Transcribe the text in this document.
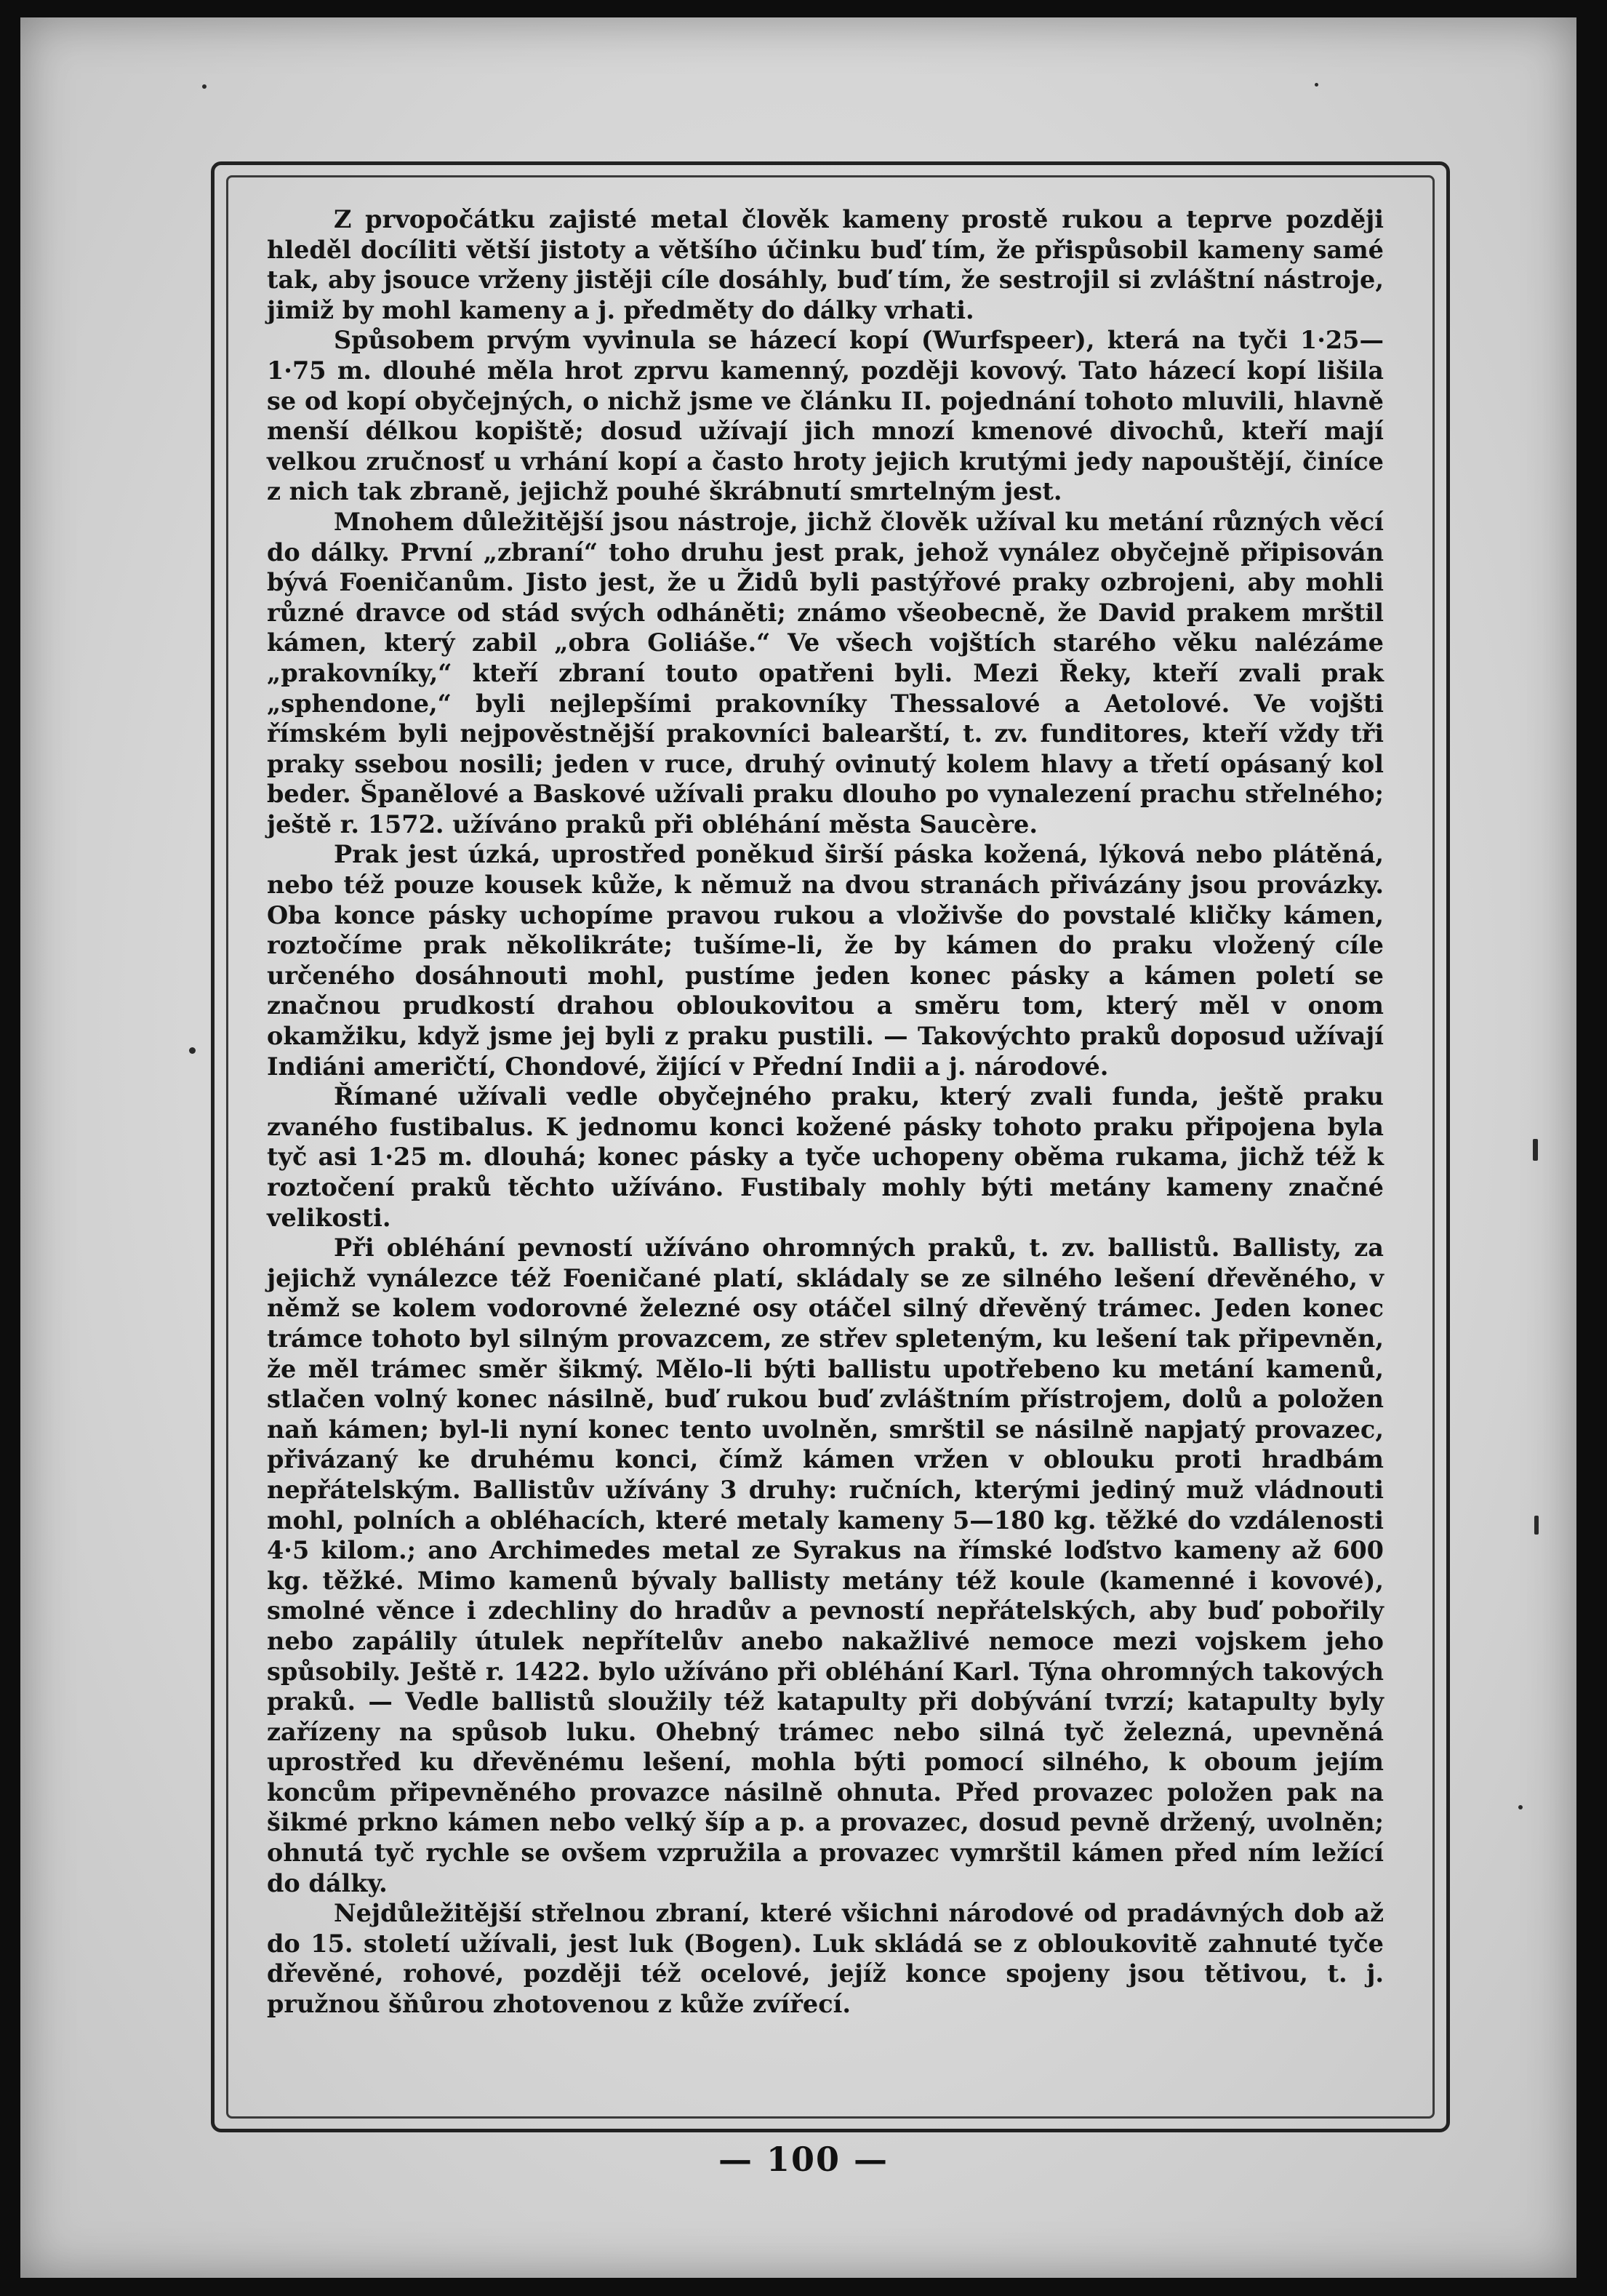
Z prvopočátku zajisté metal člověk kameny prostě rukou a teprve později hleděl docíliti větší jistoty a většího účinku buď tím, že přispůsobil kameny samé tak, aby jsouce vrženy jistěji cíle dosáhly, buď tím, že sestrojil si zvláštní nástroje, jimiž by mohl kameny a j. předměty do dálky vrhati.

Spůsobem prvým vyvinula se házecí kopí (Wurfspeer), která na tyči 1·25—1·75 m. dlouhé měla hrot zprvu kamenný, později kovový. Tato házecí kopí lišila se od kopí obyčejných, o nichž jsme ve článku II. pojednání tohoto mluvili, hlavně menší délkou kopiště; dosud užívají jich mnozí kmenové divochů, kteří mají velkou zručnosť u vrhání kopí a často hroty jejich krutými jedy napouštějí, činíce z nich tak zbraně, jejichž pouhé škrábnutí smrtelným jest.

Mnohem důležitější jsou nástroje, jichž člověk užíval ku metání různých věcí do dálky. První „zbraní“ toho druhu jest prak, jehož vynález obyčejně připisován bývá Foeničanům. Jisto jest, že u Židů byli pastýřové praky ozbrojeni, aby mohli různé dravce od stád svých odháněti; známo všeobecně, že David prakem mrštil kámen, který zabil „obra Goliáše.“ Ve všech vojštích starého věku nalézáme „prakovníky,“ kteří zbraní touto opatřeni byli. Mezi Řeky, kteří zvali prak „sphendone,“ byli nejlepšími prakovníky Thessalové a Aetolové. Ve vojšti římském byli nejpověstnější prakovníci balearští, t. zv. funditores, kteří vždy tři praky ssebou nosili; jeden v ruce, druhý ovinutý kolem hlavy a třetí opásaný kol beder. Španělové a Baskové užívali praku dlouho po vynalezení prachu střelného; ještě r. 1572. užíváno praků při obléhání města Saucère.

Prak jest úzká, uprostřed poněkud širší páska kožená, lýková nebo plátěná, nebo též pouze kousek kůže, k němuž na dvou stranách přivázány jsou provázky. Oba konce pásky uchopíme pravou rukou a vloživše do povstalé kličky kámen, roztočíme prak několikráte; tušíme-li, že by kámen do praku vložený cíle určeného dosáhnouti mohl, pustíme jeden konec pásky a kámen poletí se značnou prudkostí drahou obloukovitou a směru tom, který měl v onom okamžiku, když jsme jej byli z praku pustili. — Takovýchto praků doposud užívají Indiáni američtí, Chondové, žijící v Přední Indii a j. národové.

Římané užívali vedle obyčejného praku, který zvali funda, ještě praku zvaného fustibalus. K jednomu konci kožené pásky tohoto praku připojena byla tyč asi 1·25 m. dlouhá; konec pásky a tyče uchopeny oběma rukama, jichž též k roztočení praků těchto užíváno. Fustibaly mohly býti metány kameny značné velikosti.

Při obléhání pevností užíváno ohromných praků, t. zv. ballistů. Ballisty, za jejichž vynálezce též Foeničané platí, skládaly se ze silného lešení dřevěného, v němž se kolem vodorovné železné osy otáčel silný dřevěný trámec. Jeden konec trámce tohoto byl silným provazcem, ze střev spleteným, ku lešení tak připevněn, že měl trámec směr šikmý. Mělo-li býti ballistu upotřebeno ku metání kamenů, stlačen volný konec násilně, buď rukou buď zvláštním přístrojem, dolů a položen naň kámen; byl-li nyní konec tento uvolněn, smrštil se násilně napjatý provazec, přivázaný ke druhému konci, čímž kámen vržen v oblouku proti hradbám nepřátelským. Ballistův užívány 3 druhy: ručních, kterými jediný muž vládnouti mohl, polních a obléhacích, které metaly kameny 5—180 kg. těžké do vzdálenosti 4·5 kilom.; ano Archimedes metal ze Syrakus na římské loďstvo kameny až 600 kg. těžké. Mimo kamenů bývaly ballisty metány též koule (kamenné i kovové), smolné věnce i zdechliny do hradův a pevností nepřátelských, aby buď pobořily nebo zapálily útulek nepřítelův anebo nakažlivé nemoce mezi vojskem jeho spůsobily. Ještě r. 1422. bylo užíváno při obléhání Karl. Týna ohromných takových praků. — Vedle ballistů sloužily též katapulty při dobývání tvrzí; katapulty byly zařízeny na spůsob luku. Ohebný trámec nebo silná tyč železná, upevněná uprostřed ku dřevěnému lešení, mohla býti pomocí silného, k oboum jejím koncům připevněného provazce násilně ohnuta. Před provazec položen pak na šikmé prkno kámen nebo velký šíp a p. a provazec, dosud pevně držený, uvolněn; ohnutá tyč rychle se ovšem vzpružila a provazec vymrštil kámen před ním ležící do dálky.

Nejdůležitější střelnou zbraní, které všichni národové od pradávných dob až do 15. století užívali, jest luk (Bogen). Luk skládá se z obloukovitě zahnuté tyče dřevěné, rohové, později též ocelové, jejíž konce spojeny jsou tětivou, t. j. pružnou šňůrou zhotovenou z kůže zvířecí.

— 100 —
